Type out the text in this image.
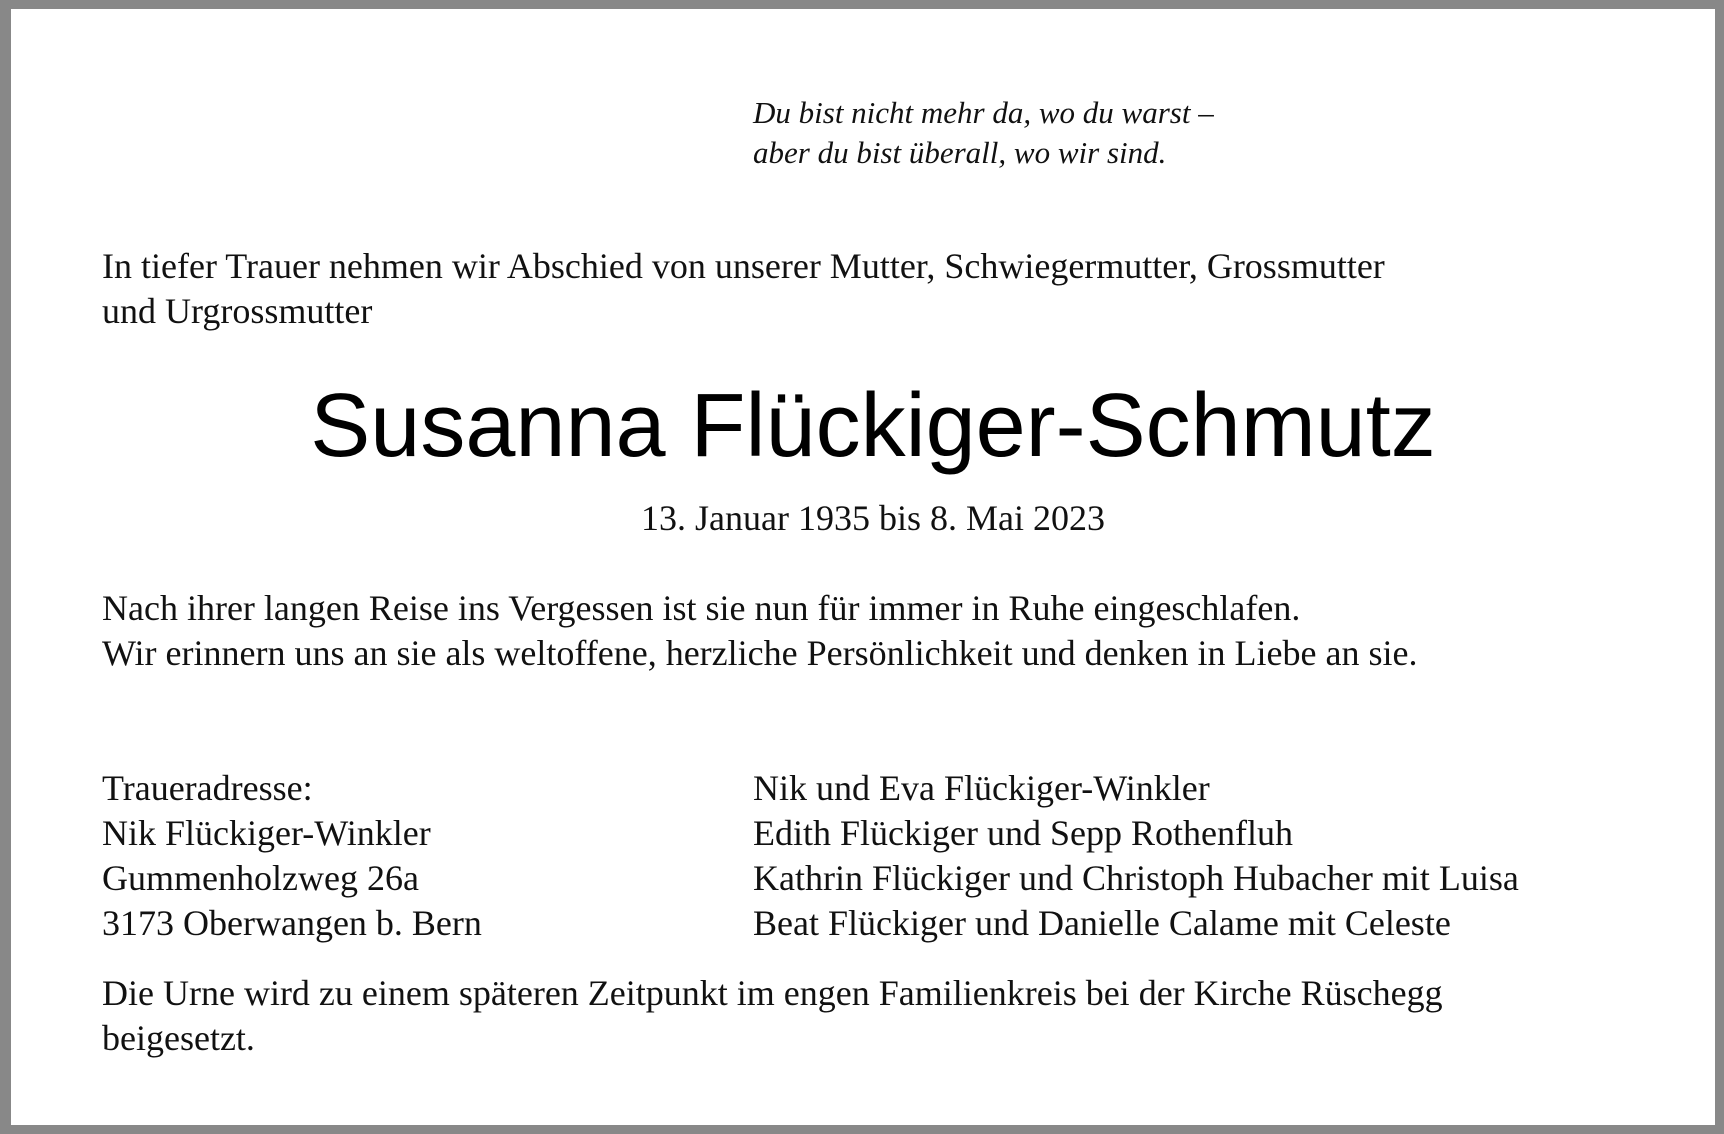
Du bist nicht mehr da, wo du warst –
aber du bist überall, wo wir sind.
In tiefer Trauer nehmen wir Abschied von unserer Mutter, Schwiegermutter, Grossmutter
und Urgrossmutter
Susanna Flückiger-Schmutz
13. Januar 1935 bis 8. Mai 2023
Nach ihrer langen Reise ins Vergessen ist sie nun für immer in Ruhe eingeschlafen.
Wir erinnern uns an sie als weltoffene, herzliche Persönlichkeit und denken in Liebe an sie.
Traueradresse:
Nik Flückiger-Winkler
Gummenholzweg 26a
3173 Oberwangen b. Bern
Nik und Eva Flückiger-Winkler
Edith Flückiger und Sepp Rothenfluh
Kathrin Flückiger und Christoph Hubacher mit Luisa
Beat Flückiger und Danielle Calame mit Celeste
Die Urne wird zu einem späteren Zeitpunkt im engen Familienkreis bei der Kirche Rüschegg
beigesetzt.
